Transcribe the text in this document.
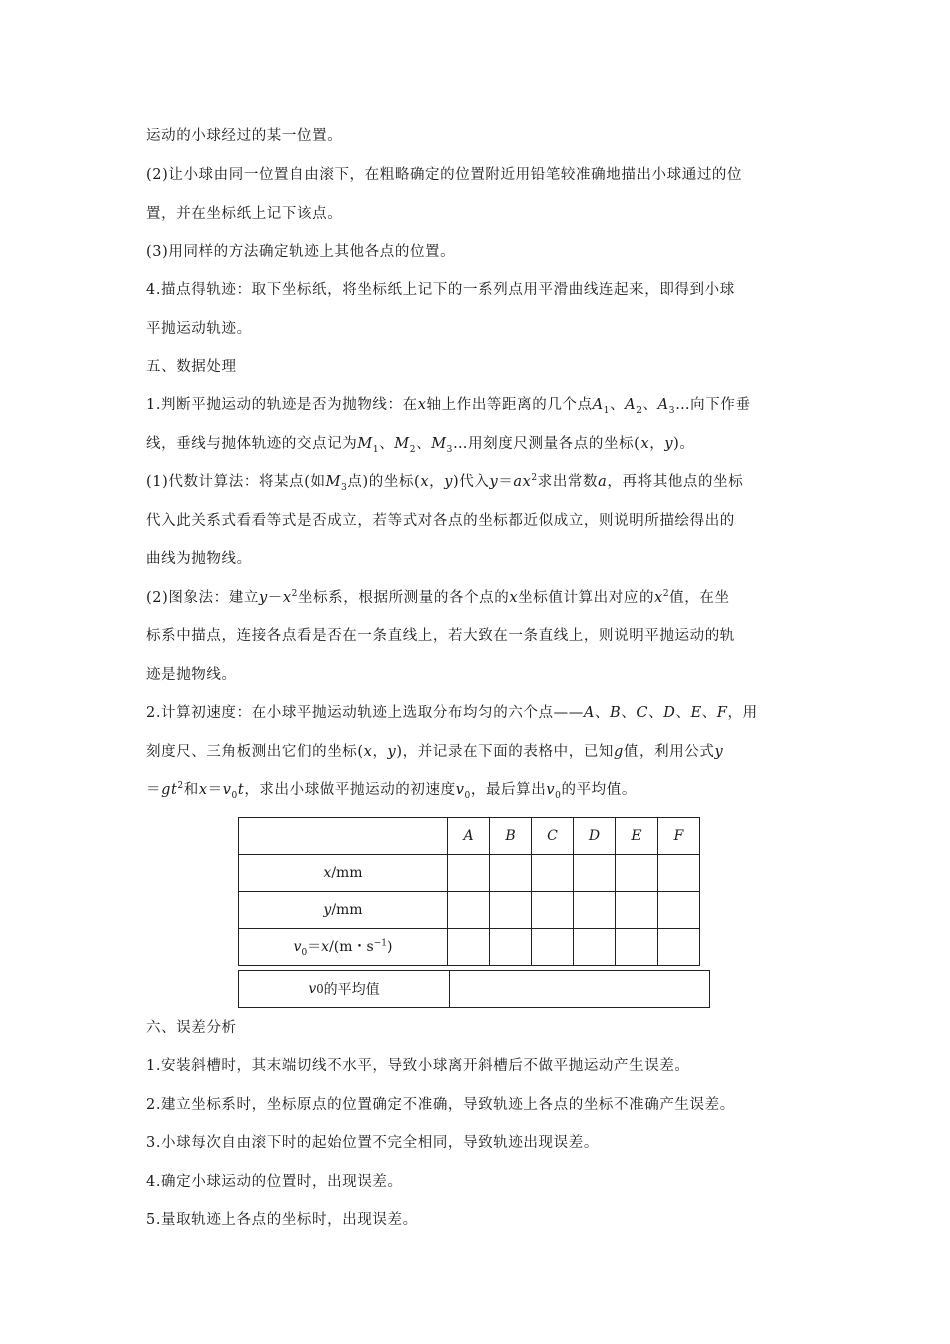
运动的小球经过的某一位置。
(2)让小球由同一位置自由滚下，在粗略确定的位置附近用铅笔较准确地描出小球通过的位
置，并在坐标纸上记下该点。
(3)用同样的方法确定轨迹上其他各点的位置。
4.描点得轨迹：取下坐标纸，将坐标纸上记下的一系列点用平滑曲线连起来，即得到小球
平抛运动轨迹。
五、数据处理
1.判断平抛运动的轨迹是否为抛物线：在x轴上作出等距离的几个点$A_1$、$A_2$、$A_3\dots$向下作垂
线，垂线与抛体轨迹的交点记为$M_1$、$M_2$、$M_3\dots$用刻度尺测量各点的坐标(x，y)。
(1)代数计算法：将某点(如$M_3$点)的坐标(x，y)代入$y=ax^2$求出常数a，再将其他点的坐标
代入此关系式看看等式是否成立，若等式对各点的坐标都近似成立，则说明所描绘得出的
曲线为抛物线。
(2)图象法：建立$y-x^2$坐标系，根据所测量的各个点的x坐标值计算出对应的$x^2$值，在坐
标系中描点，连接各点看是否在一条直线上，若大致在一条直线上，则说明平抛运动的轨
迹是抛物线。
2.计算初速度：在小球平抛运动轨迹上选取分布均匀的六个点——A、B、C、D、E、F，用
刻度尺、三角板测出它们的坐标(x，y)，并记录在下面的表格中，已知g值，利用公式y
$=gt^2$和$x=v_0t$，求出小球做平抛运动的初速度$v_0$，最后算出$v_0$的平均值。
	A	B	C	D	E	F
x/mm						
y/mm						
$v_0=x/(m$・$s^{-1}$)						
v 0 的平均值
六、误差分析
1.安装斜槽时，其末端切线不水平，导致小球离开斜槽后不做平抛运动产生误差。
2.建立坐标系时，坐标原点的位置确定不准确，导致轨迹上各点的坐标不准确产生误差。
3.小球每次自由滚下时的起始位置不完全相同，导致轨迹出现误差。
4.确定小球运动的位置时，出现误差。
5.量取轨迹上各点的坐标时，出现误差。
